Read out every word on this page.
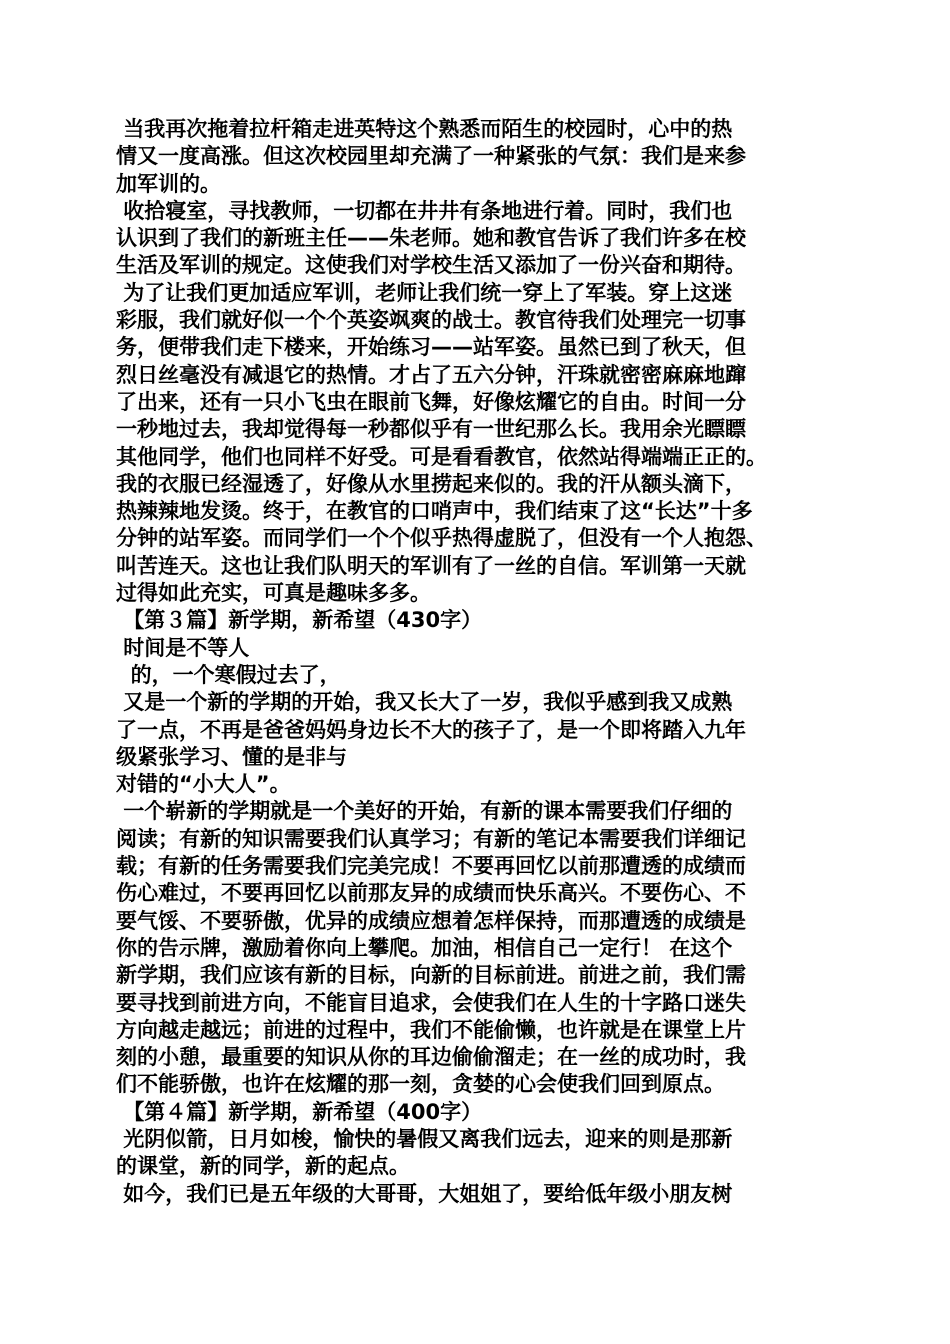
当我再次拖着拉杆箱走进英特这个熟悉而陌生的校园时，心中的热
情又一度高涨。但这次校园里却充满了一种紧张的气氛：我们是来参
加军训的。
收拾寝室，寻找教师，一切都在井井有条地进行着。同时，我们也
认识到了我们的新班主任——朱老师。她和教官告诉了我们许多在校
生活及军训的规定。这使我们对学校生活又添加了一份兴奋和期待。
为了让我们更加适应军训，老师让我们统一穿上了军装。穿上这迷
彩服，我们就好似一个个英姿飒爽的战士。教官待我们处理完一切事
务，便带我们走下楼来，开始练习——站军姿。虽然已到了秋天，但
烈日丝毫没有减退它的热情。才占了五六分钟，汗珠就密密麻麻地蹿
了出来，还有一只小飞虫在眼前飞舞，好像炫耀它的自由。时间一分
一秒地过去，我却觉得每一秒都似乎有一世纪那么长。我用余光瞟瞟
其他同学，他们也同样不好受。可是看看教官，依然站得端端正正的。
我的衣服已经湿透了，好像从水里捞起来似的。我的汗从额头滴下，
热辣辣地发烫。终于，在教官的口哨声中，我们结束了这“长达”十多
分钟的站军姿。而同学们一个个似乎热得虚脱了，但没有一个人抱怨、
叫苦连天。这也让我们队明天的军训有了一丝的自信。军训第一天就
过得如此充实，可真是趣味多多。
【第３篇】新学期，新希望（430字）
时间是不等人
的，一个寒假过去了，
又是一个新的学期的开始，我又长大了一岁，我似乎感到我又成熟
了一点，不再是爸爸妈妈身边长不大的孩子了，是一个即将踏入九年
级紧张学习、懂的是非与
对错的“小大人”。
一个崭新的学期就是一个美好的开始，有新的课本需要我们仔细的
阅读；有新的知识需要我们认真学习；有新的笔记本需要我们详细记
载；有新的任务需要我们完美完成！不要再回忆以前那遭透的成绩而
伤心难过，不要再回忆以前那友异的成绩而快乐高兴。不要伤心、不
要气馁、不要骄傲，优异的成绩应想着怎样保持，而那遭透的成绩是
你的告示牌，激励着你向上攀爬。加油，相信自己一定行！ 在这个
新学期，我们应该有新的目标，向新的目标前进。前进之前，我们需
要寻找到前进方向，不能盲目追求，会使我们在人生的十字路口迷失
方向越走越远；前进的过程中，我们不能偷懒，也许就是在课堂上片
刻的小憩，最重要的知识从你的耳边偷偷溜走；在一丝的成功时，我
们不能骄傲，也许在炫耀的那一刻，贪婪的心会使我们回到原点。
【第４篇】新学期，新希望（400字）
光阴似箭，日月如梭，愉快的暑假又离我们远去，迎来的则是那新
的课堂，新的同学，新的起点。
如今，我们已是五年级的大哥哥，大姐姐了，要给低年级小朋友树
